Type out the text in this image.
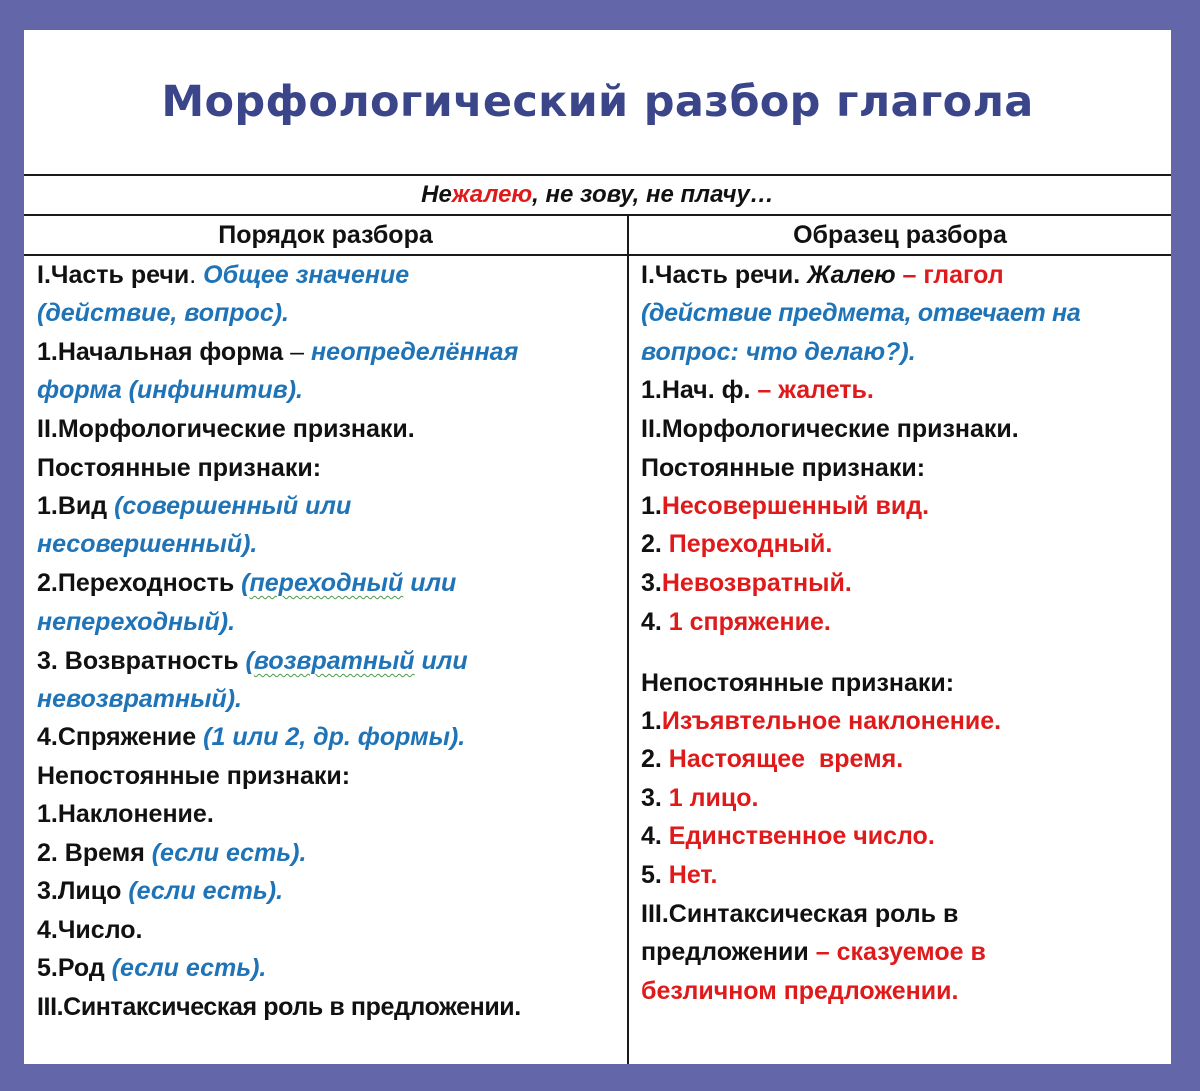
Морфологический разбор глагола
Не жалею , не зову, не плачу…
Порядок разбора	Образец разбора
I.Часть речи. Общее значение
(действие, вопрос).
1.Начальная форма – неопределённая
форма (инфинитив).
II.Морфологические признаки.
Постоянные признаки:
1.Вид (совершенный или
несовершенный).
2.Переходность (переходный или
непереходный).
3. Возвратность (возвратный или
невозвратный).
4.Спряжение (1 или 2, др. формы).
Непостоянные признаки:
1.Наклонение.
2. Время (если есть).
3.Лицо (если есть).
4.Число.
5.Род (если есть).
III.Синтаксическая роль в предложении.
I.Часть речи. Жалею – глагол
(действие предмета, отвечает на
вопрос: что делаю?).
1.Нач. ф. – жалеть.
II.Морфологические признаки.
Постоянные признаки:
1.Несовершенный вид.
2. Переходный.
3.Невозвратный.
4. 1 спряжение.
Непостоянные признаки:
1.Изъявтельное наклонение.
2. Настоящее  время.
3. 1 лицо.
4. Единственное число.
5. Нет.
III.Синтаксическая роль в
предложении – сказуемое в
безличном предложении.
